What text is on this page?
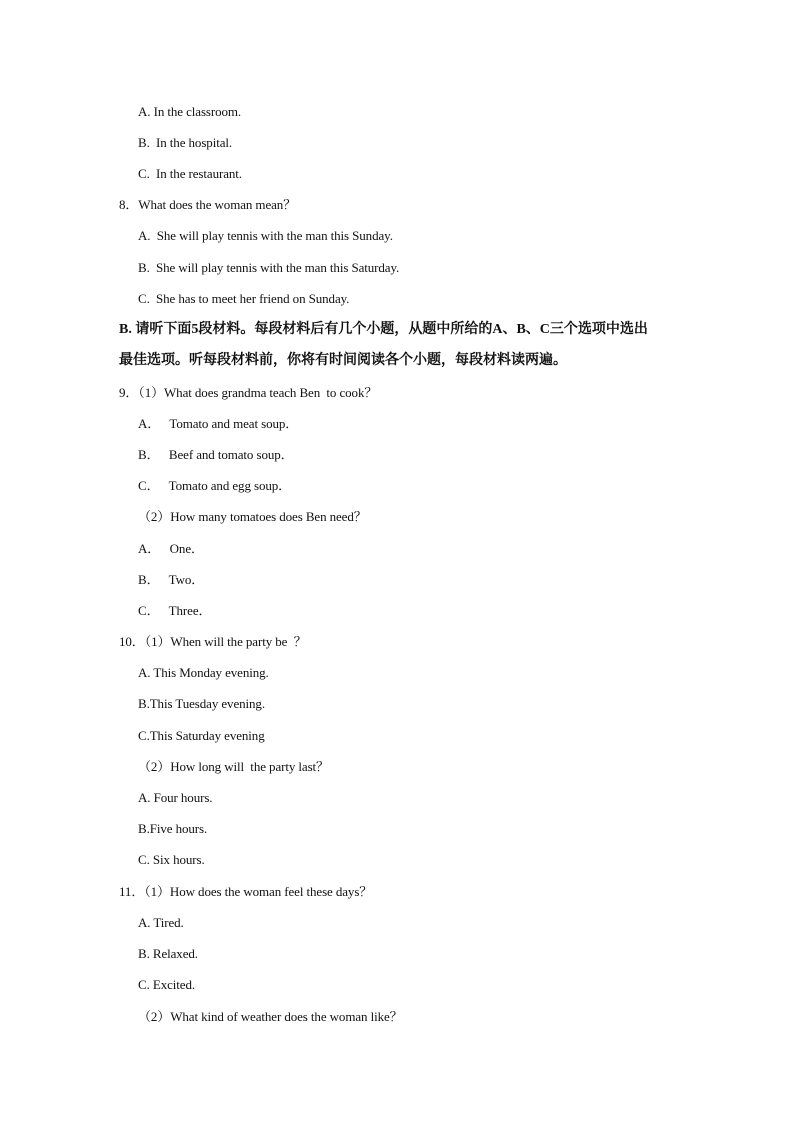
A. In the classroom.
B.  In the hospital.
C.  In the restaurant.
8．What does the woman mean？
A.  She will play tennis with the man this Sunday.
B.  She will play tennis with the man this Saturday.
C.  She has to meet her friend on Sunday.
B. 请听下面5段材料。每段材料后有几个小题，从题中所给的A、B、C三个选项中选出
最佳选项。听每段材料前，你将有时间阅读各个小题，每段材料读两遍。
9．（1）What does grandma teach Ben  to cook？
A．   Tomato and meat soup．
B．   Beef and tomato soup．
C．   Tomato and egg soup．
（2）How many tomatoes does Ben need？
A．   One．
B．   Two．
C．   Three．
10．（1）When will the party be  ？
A. This Monday evening.
B.This Tuesday evening.
C.This Saturday evening
（2）How long will  the party last？
A. Four hours.
B.Five hours.
C. Six hours.
11．（1）How does the woman feel these days？
A. Tired.
B. Relaxed.
C. Excited.
（2）What kind of weather does the woman like？
